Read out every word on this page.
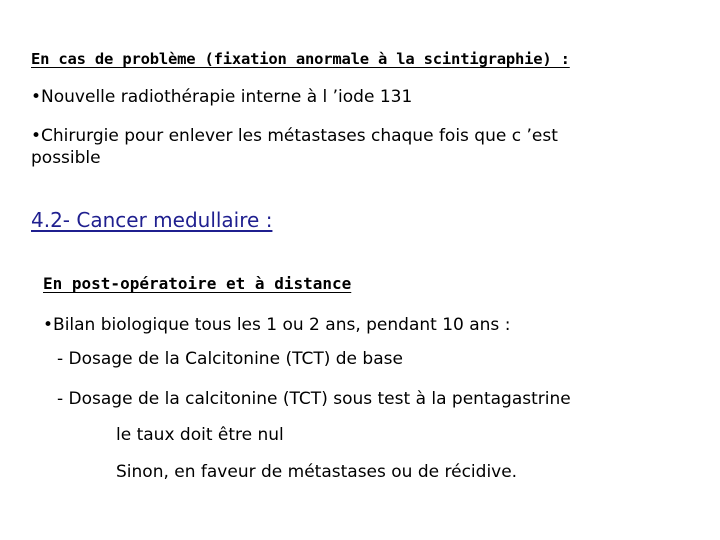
En cas de problème (fixation anormale à la scintigraphie) :
•Nouvelle radiothérapie interne à l ’iode 131
•Chirurgie pour enlever les métastases chaque fois que c ’est
possible
4.2- Cancer medullaire :
En post-opératoire et à distance
•Bilan biologique tous les 1 ou 2 ans, pendant 10 ans :
- Dosage de la Calcitonine (TCT) de base
- Dosage de la calcitonine (TCT) sous test à la pentagastrine
le taux doit être nul
Sinon, en faveur de métastases ou de récidive.
